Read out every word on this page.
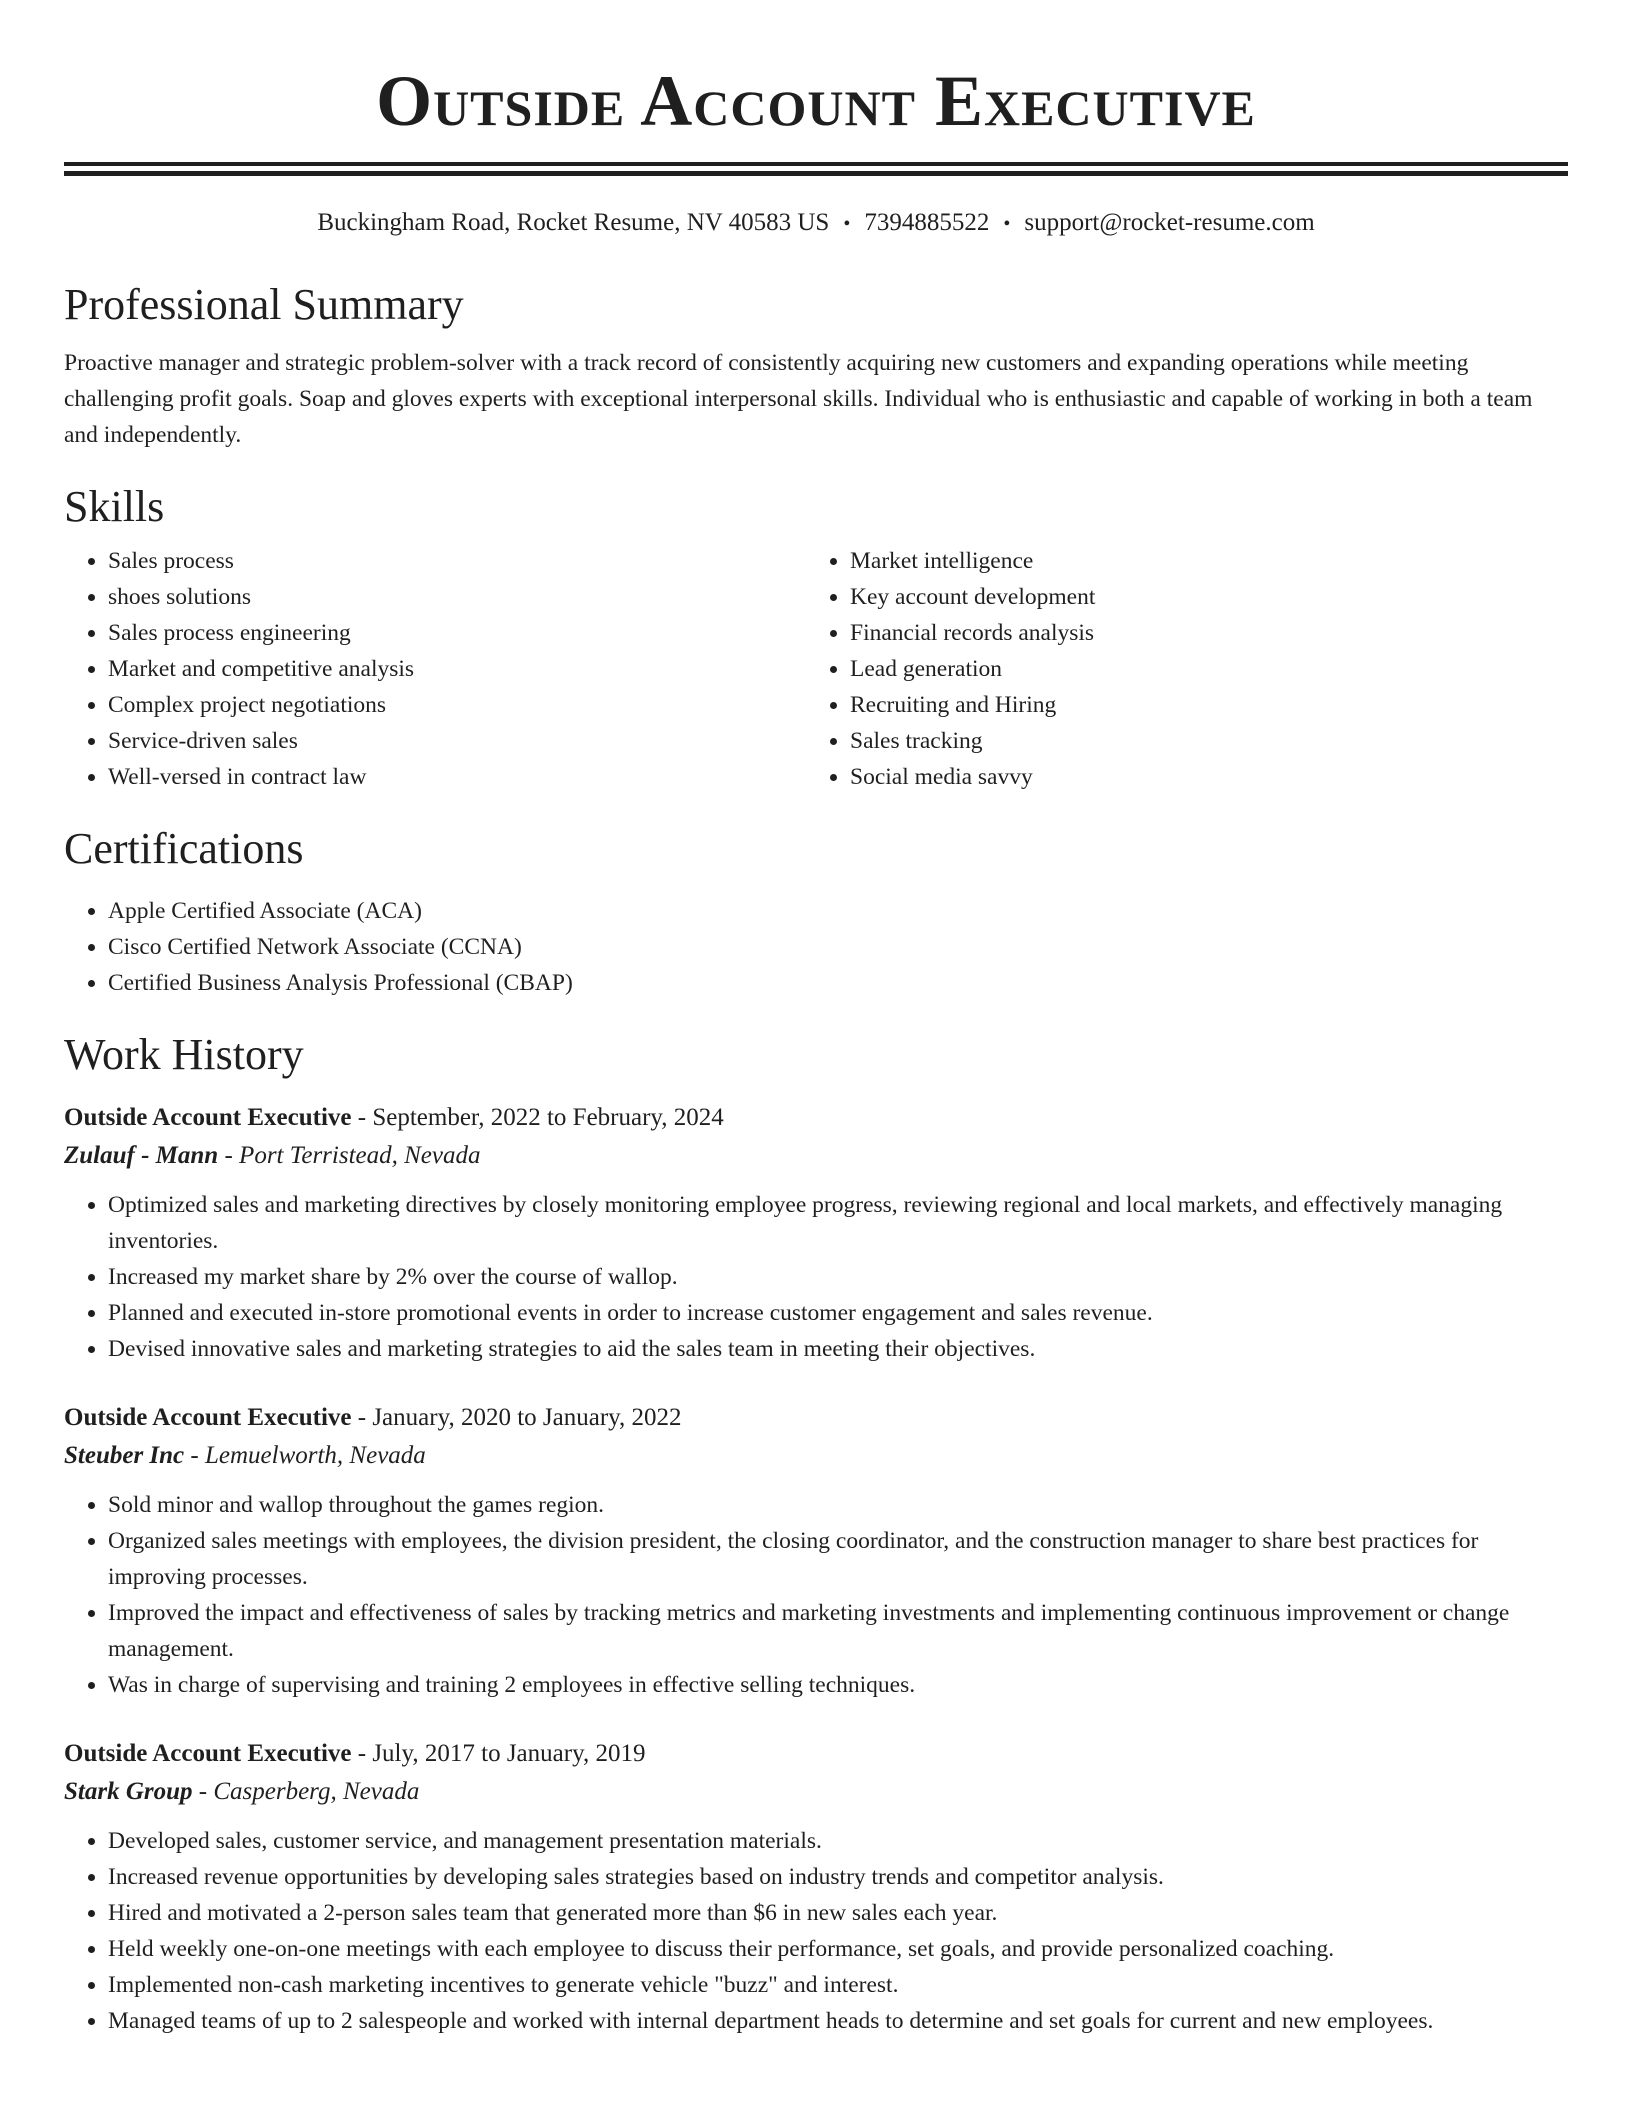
Outside Account Executive
Buckingham Road, Rocket Resume, NV 40583 US • 7394885522 • support@rocket-resume.com
Professional Summary

Proactive manager and strategic problem-solver with a track record of consistently acquiring new customers and expanding operations while meeting challenging profit goals. Soap and gloves experts with exceptional interpersonal skills. Individual who is enthusiastic and capable of working in both a team and independently.

Skills
• Sales process
• shoes solutions
• Sales process engineering
• Market and competitive analysis
• Complex project negotiations
• Service-driven sales
• Well-versed in contract law
• Market intelligence
• Key account development
• Financial records analysis
• Lead generation
• Recruiting and Hiring
• Sales tracking
• Social media savvy
Certifications
• Apple Certified Associate (ACA)
• Cisco Certified Network Associate (CCNA)
• Certified Business Analysis Professional (CBAP)
Work History
Outside Account Executive - September, 2022 to February, 2024
Zulauf - Mann - Port Terristead, Nevada
• Optimized sales and marketing directives by closely monitoring employee progress, reviewing regional and local markets, and effectively managing inventories.
• Increased my market share by 2% over the course of wallop.
• Planned and executed in-store promotional events in order to increase customer engagement and sales revenue.
• Devised innovative sales and marketing strategies to aid the sales team in meeting their objectives.
Outside Account Executive - January, 2020 to January, 2022
Steuber Inc - Lemuelworth, Nevada
• Sold minor and wallop throughout the games region.
• Organized sales meetings with employees, the division president, the closing coordinator, and the construction manager to share best practices for improving processes.
• Improved the impact and effectiveness of sales by tracking metrics and marketing investments and implementing continuous improvement or change management.
• Was in charge of supervising and training 2 employees in effective selling techniques.
Outside Account Executive - July, 2017 to January, 2019
Stark Group - Casperberg, Nevada
• Developed sales, customer service, and management presentation materials.
• Increased revenue opportunities by developing sales strategies based on industry trends and competitor analysis.
• Hired and motivated a 2-person sales team that generated more than $6 in new sales each year.
• Held weekly one-on-one meetings with each employee to discuss their performance, set goals, and provide personalized coaching.
• Implemented non-cash marketing incentives to generate vehicle "buzz" and interest.
• Managed teams of up to 2 salespeople and worked with internal department heads to determine and set goals for current and new employees.
